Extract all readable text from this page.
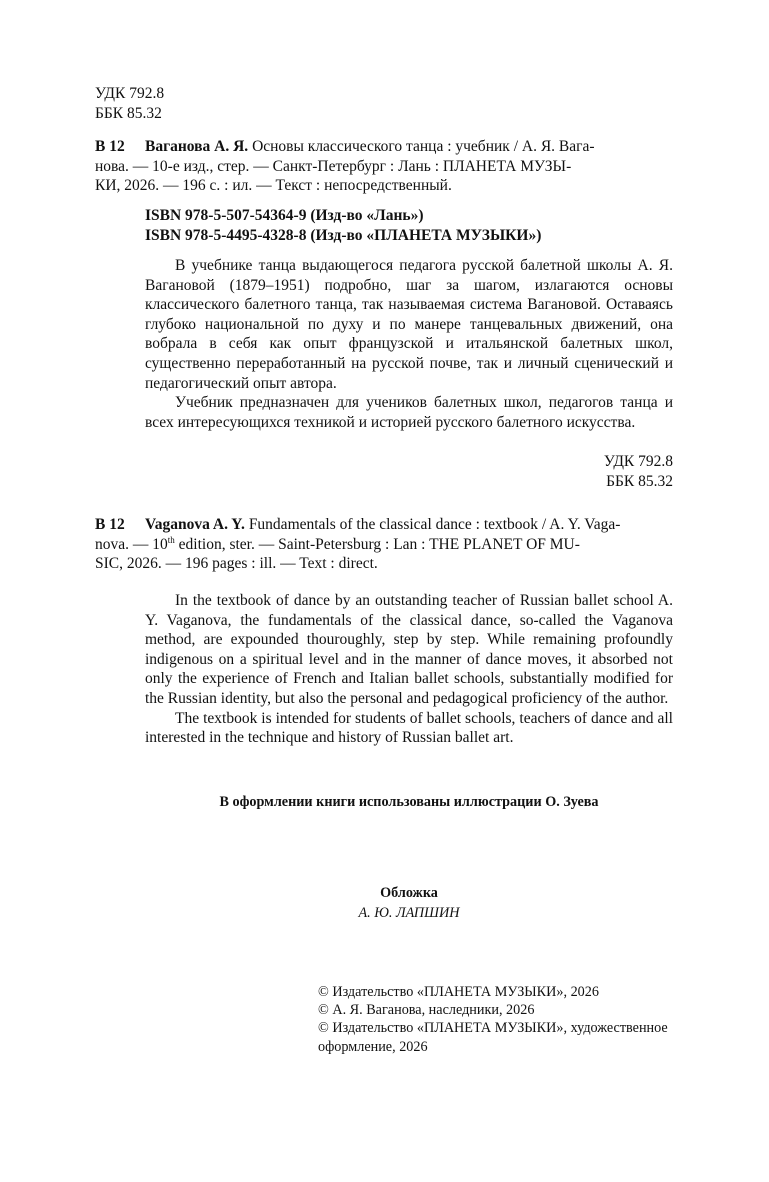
УДК 792.8
ББК 85.32
В 12 Ваганова А. Я. Основы классического танца : учебник / А. Я. Вага-
нова. — 10-е изд., стер. — Санкт-Петербург : Лань : ПЛАНЕТА МУЗЫ-
КИ, 2026. — 196 с. : ил. — Текст : непосредственный.
ISBN 978-5-507-54364-9 (Изд-во «Лань»)
ISBN 978-5-4495-4328-8 (Изд-во «ПЛАНЕТА МУЗЫКИ»)

В учебнике танца выдающегося педагога русской балетной школы А. Я. Вагановой (1879–1951) подробно, шаг за шагом, излагаются основы классического балетного танца, так называемая система Вагановой. Оставаясь глубоко национальной по духу и по манере танцевальных движений, она вобрала в себя как опыт французской и итальянской балетных школ, существенно переработанный на русской почве, так и личный сценический и педагогический опыт автора.

Учебник предназначен для учеников балетных школ, педагогов танца и всех интересующихся техникой и историей русского балетного искусства.

УДК 792.8
ББК 85.32
В 12 Vaganova A. Y. Fundamentals of the classical dance : textbook / A. Y. Vaga-
nova. — 10th edition, ster. — Saint-Petersburg : Lan : THE PLANET OF MU-
SIC, 2026. — 196 pages : ill. — Text : direct.

In the textbook of dance by an outstanding teacher of Russian ballet school A. Y. Vaganova, the fundamentals of the classical dance, so-called the Vaganova method, are expounded thouroughly, step by step. While remaining profoundly indigenous on a spiritual level and in the manner of dance moves, it absorbed not only the experience of French and Italian ballet schools, substantially modified for the Russian identity, but also the personal and pedagogical proficiency of the author.

The textbook is intended for students of ballet schools, teachers of dance and all interested in the technique and history of Russian ballet art.

В оформлении книги использованы иллюстрации О. Зуева
Обложка
А. Ю. ЛАПШИН
© Издательство «ПЛАНЕТА МУЗЫКИ», 2026
© А. Я. Ваганова, наследники, 2026
© Издательство «ПЛАНЕТА МУЗЫКИ», художественное оформление, 2026
